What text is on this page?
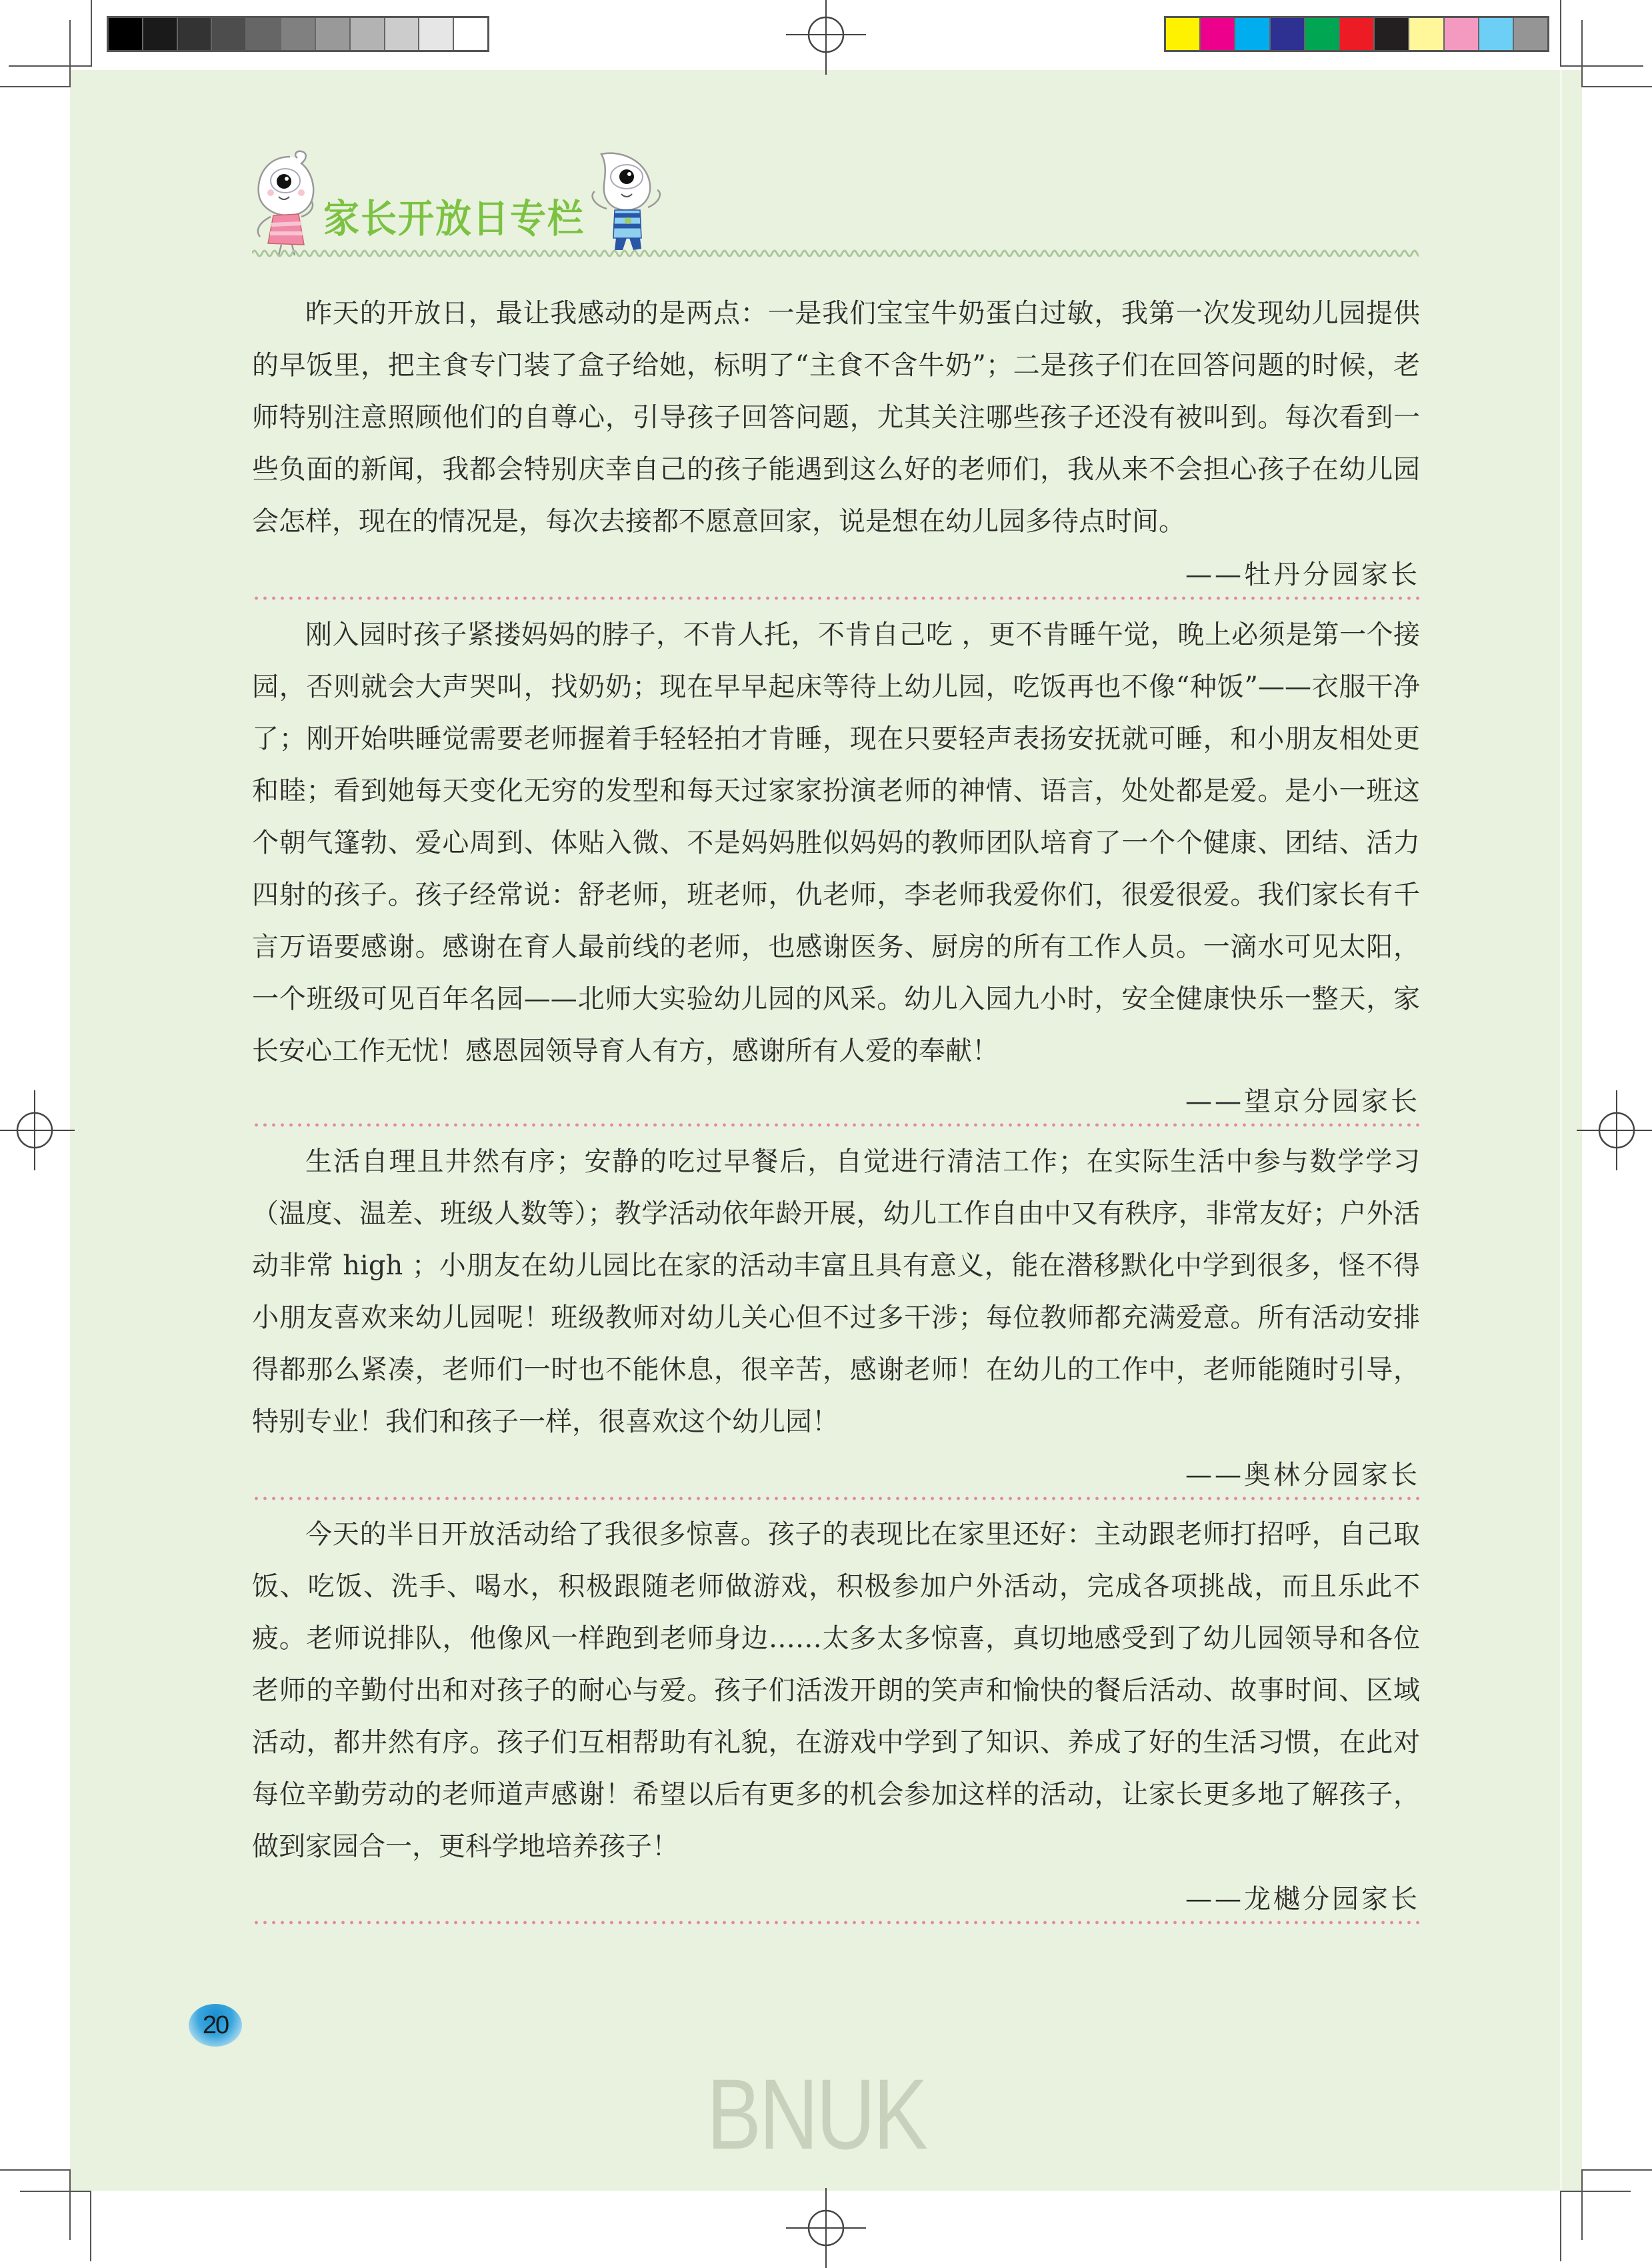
家长开放日专栏

昨天的开放日，最让我感动的是两点：一是我们宝宝牛奶蛋白过敏，我第一次发现幼儿园提供的早饭里，把主食专门装了盒子给她，标明了“主食不含牛奶”；二是孩子们在回答问题的时候，老师特别注意照顾他们的自尊心，引导孩子回答问题，尤其关注哪些孩子还没有被叫到。每次看到一些负面的新闻，我都会特别庆幸自己的孩子能遇到这么好的老师们，我从来不会担心孩子在幼儿园会怎样，现在的情况是，每次去接都不愿意回家，说是想在幼儿园多待点时间。

——牡丹分园家长

刚入园时孩子紧搂妈妈的脖子，不肯人托，不肯自己吃 ，更不肯睡午觉，晚上必须是第一个接园，否则就会大声哭叫，找奶奶；现在早早起床等待上幼儿园，吃饭再也不像“种饭”——衣服干净了；刚开始哄睡觉需要老师握着手轻轻拍才肯睡，现在只要轻声表扬安抚就可睡，和小朋友相处更和睦；看到她每天变化无穷的发型和每天过家家扮演老师的神情、语言，处处都是爱。是小一班这个朝气篷勃、爱心周到、体贴入微、不是妈妈胜似妈妈的教师团队培育了一个个健康、团结、活力四射的孩子。孩子经常说：舒老师，班老师，仇老师，李老师我爱你们，很爱很爱。我们家长有千言万语要感谢。感谢在育人最前线的老师，也感谢医务、厨房的所有工作人员。一滴水可见太阳，一个班级可见百年名园——北师大实验幼儿园的风采。幼儿入园九小时，安全健康快乐一整天，家长安心工作无忧！感恩园领导育人有方，感谢所有人爱的奉献！

——望京分园家长

生活自理且井然有序；安静的吃过早餐后，自觉进行清洁工作；在实际生活中参与数学学习（温度、温差、班级人数等）；教学活动依年龄开展，幼儿工作自由中又有秩序，非常友好；户外活动非常 high ；小朋友在幼儿园比在家的活动丰富且具有意义，能在潜移默化中学到很多，怪不得小朋友喜欢来幼儿园呢！班级教师对幼儿关心但不过多干涉；每位教师都充满爱意。所有活动安排得都那么紧凑，老师们一时也不能休息，很辛苦，感谢老师！在幼儿的工作中，老师能随时引导，特别专业！我们和孩子一样，很喜欢这个幼儿园！

——奥林分园家长

今天的半日开放活动给了我很多惊喜。孩子的表现比在家里还好：主动跟老师打招呼，自己取饭、吃饭、洗手、喝水，积极跟随老师做游戏，积极参加户外活动，完成各项挑战，而且乐此不疲。老师说排队，他像风一样跑到老师身边……太多太多惊喜，真切地感受到了幼儿园领导和各位老师的辛勤付出和对孩子的耐心与爱。孩子们活泼开朗的笑声和愉快的餐后活动、故事时间、区域活动，都井然有序。孩子们互相帮助有礼貌，在游戏中学到了知识、养成了好的生活习惯，在此对每位辛勤劳动的老师道声感谢！希望以后有更多的机会参加这样的活动，让家长更多地了解孩子，做到家园合一，更科学地培养孩子！

——龙樾分园家长
20
BNUK
